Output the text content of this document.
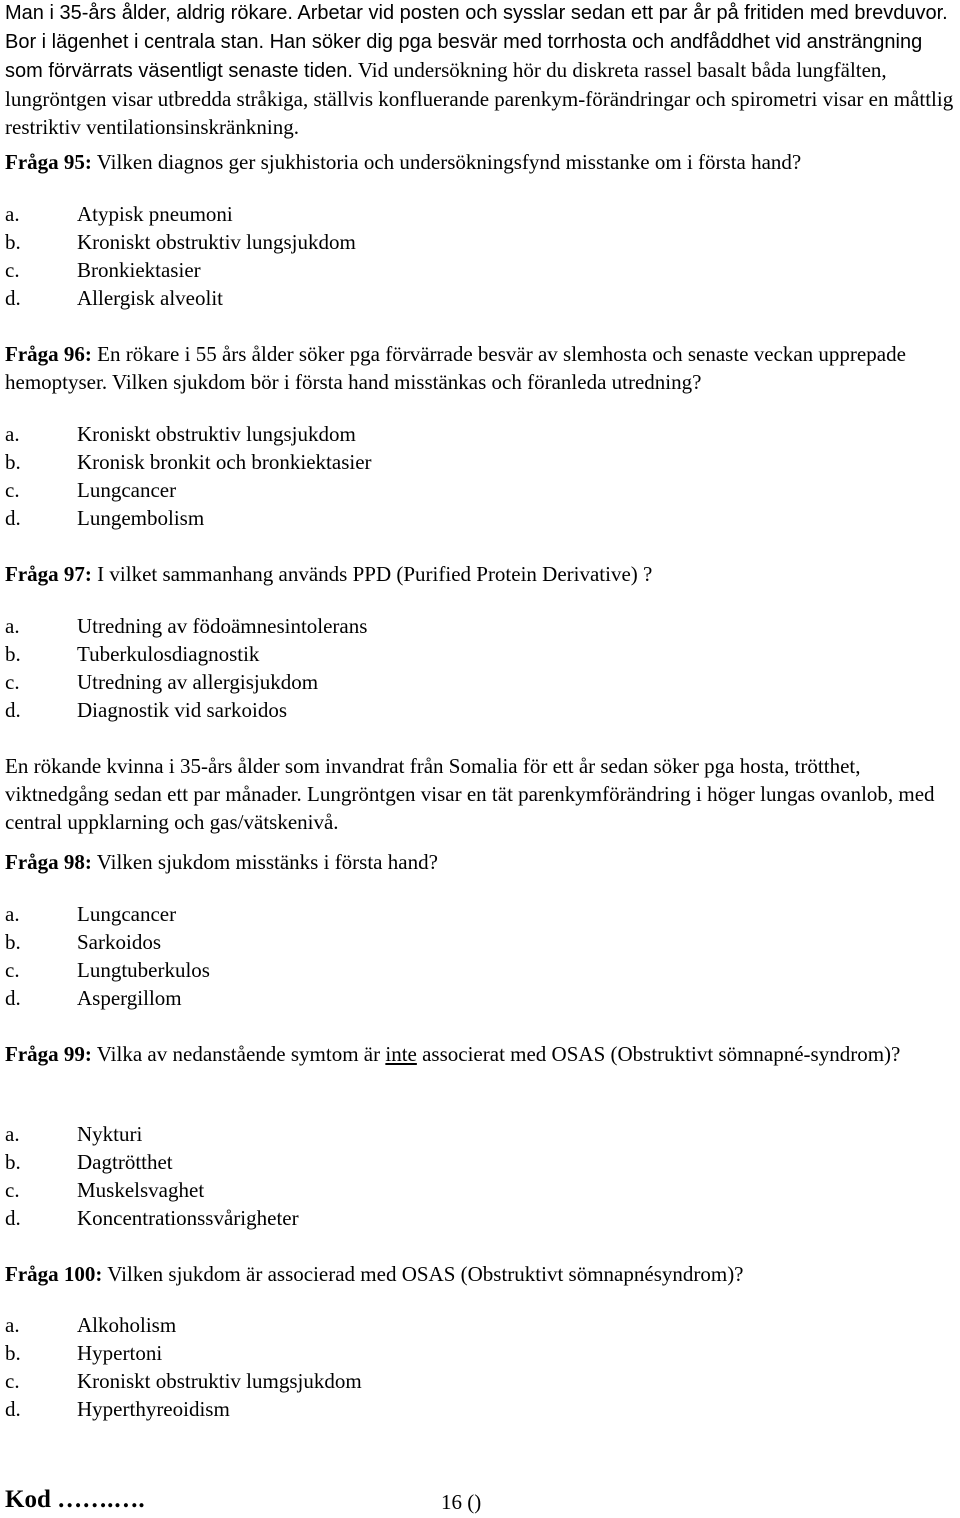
Man i 35-års ålder, aldrig rökare. Arbetar vid posten och sysslar sedan ett par år på fritiden med brevduvor. Bor i lägenhet i centrala stan. Han söker dig pga besvär med torrhosta och andfåddhet vid ansträngning som förvärrats väsentligt senaste tiden. Vid undersökning hör du diskreta rassel basalt båda lungfälten, lungröntgen visar utbredda stråkiga, ställvis konfluerande parenkym-förändringar och spirometri visar en måttlig restriktiv ventilationsinskränkning.

Fråga 95: Vilken diagnos ger sjukhistoria och undersökningsfynd misstanke om i första hand?

a.	Atypisk pneumoni
b.	Kroniskt obstruktiv lungsjukdom
c.	Bronkiektasier
d.	Allergisk alveolit

Fråga 96: En rökare i 55 års ålder söker pga förvärrade besvär av slemhosta och senaste veckan upprepade hemoptyser. Vilken sjukdom bör i första hand misstänkas och föranleda utredning?

a.	Kroniskt obstruktiv lungsjukdom
b.	Kronisk bronkit och bronkiektasier
c.	Lungcancer
d.	Lungembolism

Fråga 97: I vilket sammanhang används PPD (Purified Protein Derivative) ?

a.	Utredning av födoämnesintolerans
b.	Tuberkulosdiagnostik
c.	Utredning av allergisjukdom
d.	Diagnostik vid sarkoidos

En rökande kvinna i 35-års ålder som invandrat från Somalia för ett år sedan söker pga hosta, trötthet, viktnedgång sedan ett par månader. Lungröntgen visar en tät parenkymförändring i höger lungas ovanlob, med central uppklarning och gas/vätskenivå.

Fråga 98: Vilken sjukdom misstänks i första hand?

a.	Lungcancer
b.	Sarkoidos
c.	Lungtuberkulos
d.	Aspergillom

Fråga 99: Vilka av nedanstående symtom är inte associerat med OSAS (Obstruktivt sömnapné-syndrom)?

a.	Nykturi
b.	Dagtrötthet
c.	Muskelsvaghet
d.	Koncentrationssvårigheter

Fråga 100: Vilken sjukdom är associerad med OSAS (Obstruktivt sömnapnésyndrom)?

a.	Alkoholism
b.	Hypertoni
c.	Kroniskt obstruktiv lumgsjukdom
d.	Hyperthyreoidism
Kod …….….	16 ()
